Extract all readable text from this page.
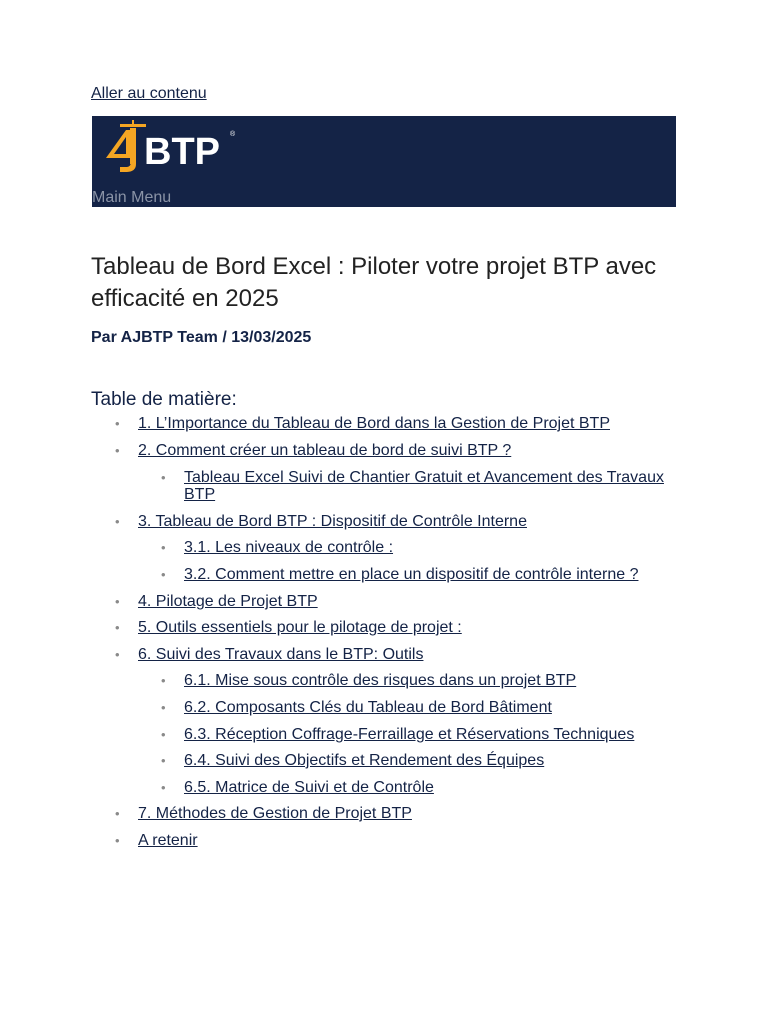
Aller au contenu
BTP ®
Main Menu
Tableau de Bord Excel : Piloter votre projet BTP avec efficacité en 2025
Par AJBTP Team / 13/03/2025
Table de matière:
• 1. L’Importance du Tableau de Bord dans la Gestion de Projet BTP
• 2. Comment créer un tableau de bord de suivi BTP ?
• Tableau Excel Suivi de Chantier Gratuit et Avancement des Travaux BTP
• 3. Tableau de Bord BTP : Dispositif de Contrôle Interne
• 3.1. Les niveaux de contrôle :
• 3.2. Comment mettre en place un dispositif de contrôle interne ?
• 4. Pilotage de Projet BTP
• 5. Outils essentiels pour le pilotage de projet :
• 6. Suivi des Travaux dans le BTP: Outils
• 6.1. Mise sous contrôle des risques dans un projet BTP
• 6.2. Composants Clés du Tableau de Bord Bâtiment
• 6.3. Réception Coffrage-Ferraillage et Réservations Techniques
• 6.4. Suivi des Objectifs et Rendement des Équipes
• 6.5. Matrice de Suivi et de Contrôle
• 7. Méthodes de Gestion de Projet BTP
• A retenir
